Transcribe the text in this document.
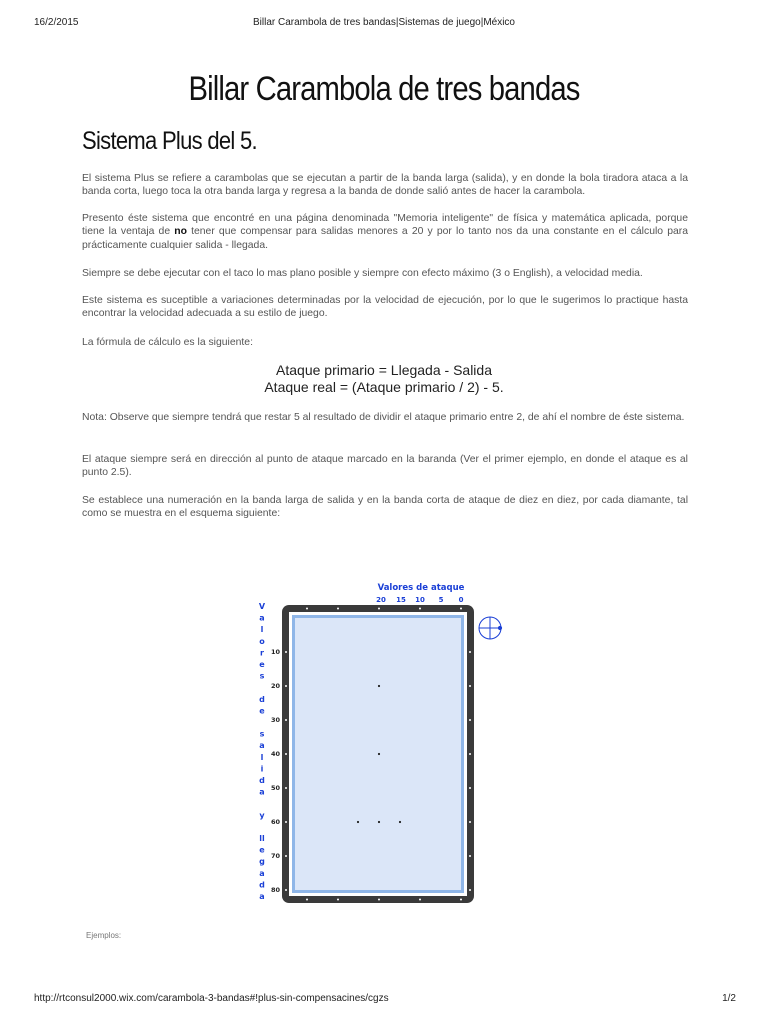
16/2/2015	Billar Carambola de tres bandas|Sistemas de juego|México
Billar Carambola de tres bandas
Sistema Plus del 5.

El sistema Plus se refiere a carambolas que se ejecutan a partir de la banda larga (salida), y en donde la bola tiradora ataca a la banda corta, luego toca la otra banda larga y regresa a la banda de donde salió antes de hacer la carambola.

Presento éste sistema que encontré en una página denominada "Memoria inteligente" de física y matemática aplicada, porque tiene la ventaja de no tener que compensar para salidas menores a 20 y por lo tanto nos da una constante en el cálculo para prácticamente cualquier salida - llegada.

Siempre se debe ejecutar con el taco lo mas plano posible y siempre con efecto máximo (3 o English), a velocidad media.

Este sistema es suceptible a variaciones determinadas por la velocidad de ejecución, por lo que le sugerimos lo practique hasta encontrar la velocidad adecuada a su estilo de juego.

La fórmula de cálculo es la siguiente:

Ataque primario = Llegada - Salida
Ataque real = (Ataque primario / 2) - 5.

Nota: Observe que siempre tendrá que restar 5 al resultado de dividir el ataque primario entre 2, de ahí el nombre de éste sistema.

El ataque siempre será en dirección al punto de ataque marcado en la baranda (Ver el primer ejemplo, en donde el ataque es al punto 2.5).

Se establece una numeración en la banda larga de salida y en la banda corta de ataque de diez en diez, por cada diamante, tal como se muestra en el esquema siguiente:

Valores de ataque
20 15 10 5 0
10
20
30
40
50
60
70
80
V
a
l
o
r
e
s
d
e
s
a
l
i
d
a
y
ll
e
g
a
d
a
Ejemplos:
http://rtconsul2000.wix.com/carambola-3-bandas#!plus-sin-compensacines/cgzs	1/2
